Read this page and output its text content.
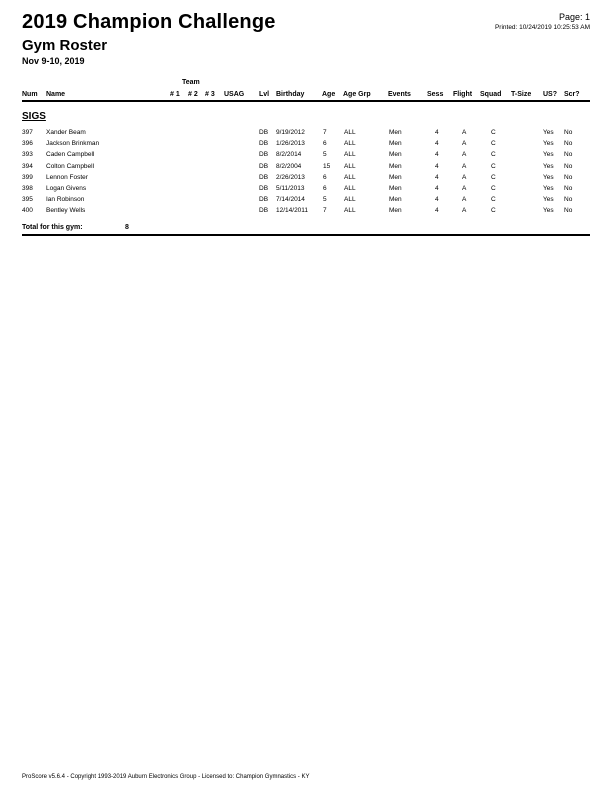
2019 Champion Challenge
Gym Roster
Nov 9-10, 2019
Page: 1
Printed: 10/24/2019 10:25:53 AM
Team
Num Name	# 1 # 2 # 3 USAG Lvl Birthday	Age Age Grp Events Sess Flight Squad T-Size US? Scr?
SIGS
397 Xander Beam	DB 9/19/2012	7	ALL	Men	4	A	C	Yes No
396 Jackson Brinkman	DB 1/26/2013	6	ALL	Men	4	A	C	Yes No
393 Caden Campbell	DB 8/2/2014	5	ALL	Men	4	A	C	Yes No
394 Colton Campbell	DB 8/2/2004	15 ALL	Men	4	A	C	Yes No
399 Lennon Foster	DB 2/26/2013	6	ALL	Men	4	A	C	Yes No
398 Logan Givens	DB 5/11/2013	6	ALL	Men	4	A	C	Yes No
395 Ian Robinson	DB 7/14/2014	5	ALL	Men	4	A	C	Yes No
400 Bentley Wells	DB 12/14/2011 7	ALL	Men	4	A	C	Yes No
Total for this gym:	8
ProScore v5.6.4 - Copyright 1993-2019 Auburn Electronics Group - Licensed to: Champion Gymnastics - KY
